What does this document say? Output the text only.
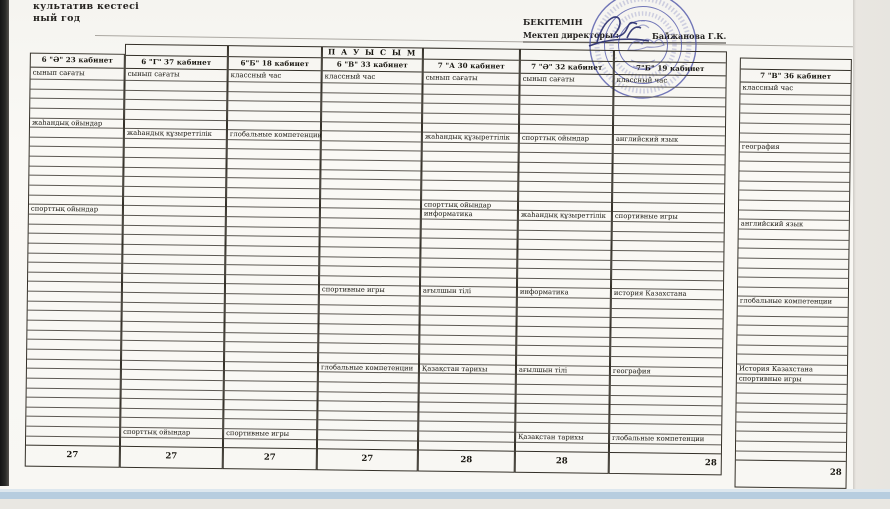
культатив кестесі
ный год	БЕКІТЕМІН
Мектеп директоры :	Байжанова Г.К.
6 "Ә" 23 кабинет
сынып сағаты
жаһандық ойындар
спорттық ойындар
27
6 "Г" 37 кабинет
сынып сағаты
жаһандық құзыреттілік
спорттық ойындар
27
6"Б" 18 кабинет
классный час
глобальные компетенции
спортивные игры
27
П А У Ы С Ы М
6 "В" 33 кабинет
классный час
спортивные игры
глобальные компетенции
27
7 "А 30 кабинет
сынып сағаты
жаһандық құзыреттілік
спорттық ойындар
информатика
ағылшын тілі
Қазақстан тарихы
28
7 "Ә" 32 кабинет
сынып сағаты
спорттық ойындар
жаһандық құзыреттілік
информатика
ағылшын тілі
Қазақстан тарихы
28
7"Б" 19 кабинет
классный час
английский язык
спортивные игры
история Казахстана
география
глобальные компетенции
28
7 "В" 36 кабинет
классный час
география
английский язык
глобальные компетенции
История Казахстана
спортивные игры
28
